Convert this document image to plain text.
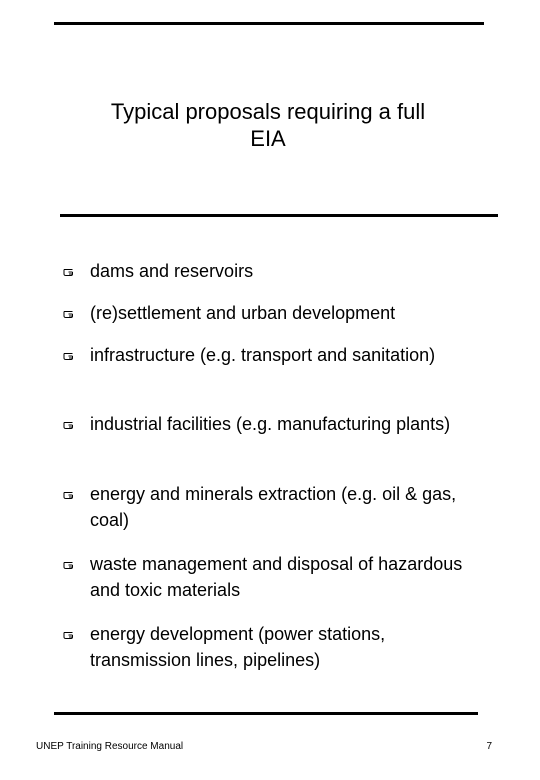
Typical proposals requiring a full
EIA
dams and reservoirs
(re)settlement and urban development
infrastructure (e.g. transport and sanitation)
industrial facilities (e.g. manufacturing plants)
energy and minerals extraction (e.g. oil & gas, coal)
waste management and disposal of hazardous and toxic materials
energy development (power stations, transmission lines, pipelines)
UNEP Training Resource Manual	7
